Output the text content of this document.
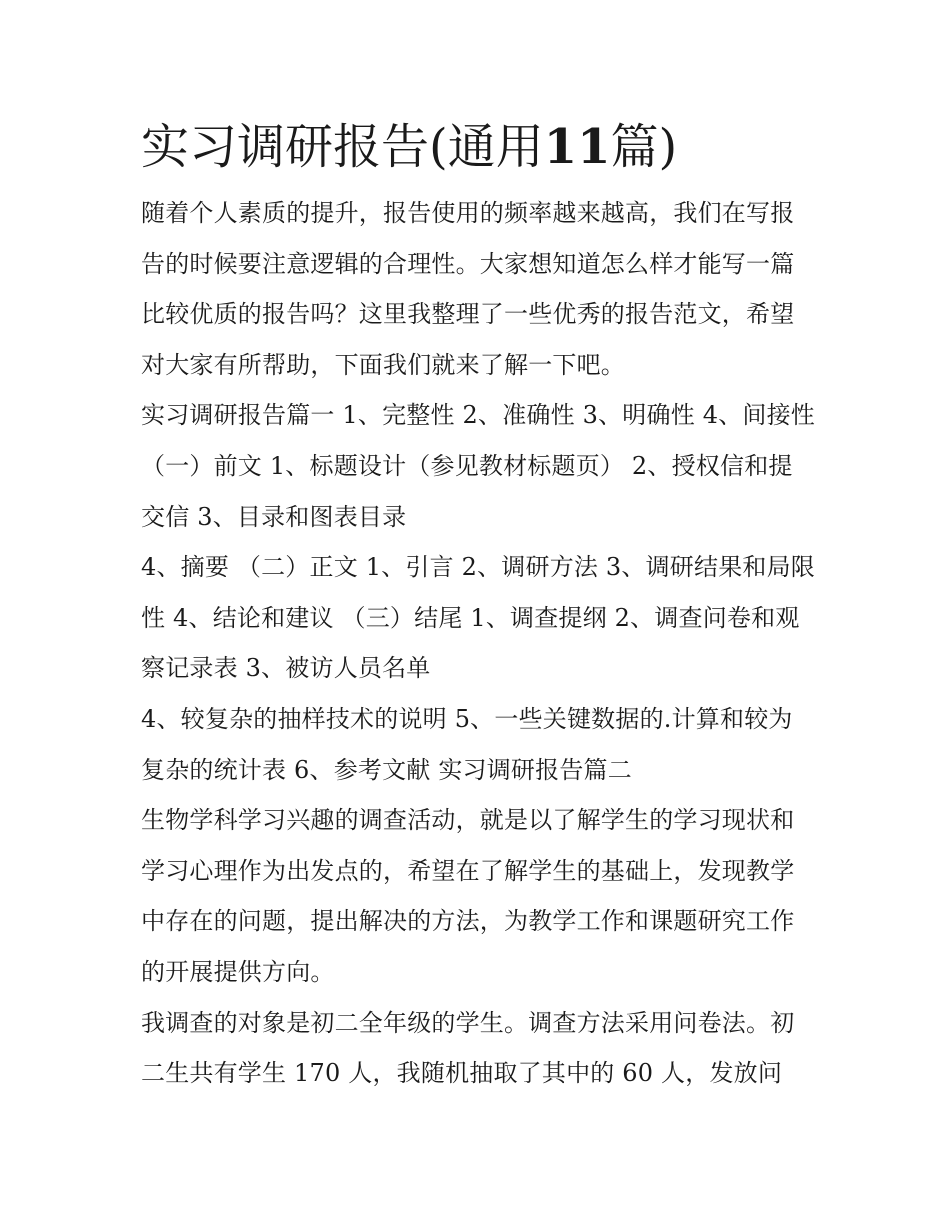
实习调研报告(通用11篇)

随着个人素质的提升，报告使用的频率越来越高，我们在写报
告的时候要注意逻辑的合理性。大家想知道怎么样才能写一篇
比较优质的报告吗？这里我整理了一些优秀的报告范文，希望
对大家有所帮助，下面我们就来了解一下吧。

实习调研报告篇一 1、完整性 2、准确性 3、明确性 4、间接性
（一）前文 1、标题设计（参见教材标题页） 2、授权信和提
交信 3、目录和图表目录

4、摘要 （二）正文 1、引言 2、调研方法 3、调研结果和局限
性 4、结论和建议 （三）结尾 1、调查提纲 2、调查问卷和观
察记录表 3、被访人员名单

4、较复杂的抽样技术的说明 5、一些关键数据的.计算和较为
复杂的统计表 6、参考文献 实习调研报告篇二

生物学科学习兴趣的调查活动，就是以了解学生的学习现状和
学习心理作为出发点的，希望在了解学生的基础上，发现教学
中存在的问题，提出解决的方法，为教学工作和课题研究工作
的开展提供方向。

我调查的对象是初二全年级的学生。调查方法采用问卷法。初
二生共有学生 170 人，我随机抽取了其中的 60 人，发放问
